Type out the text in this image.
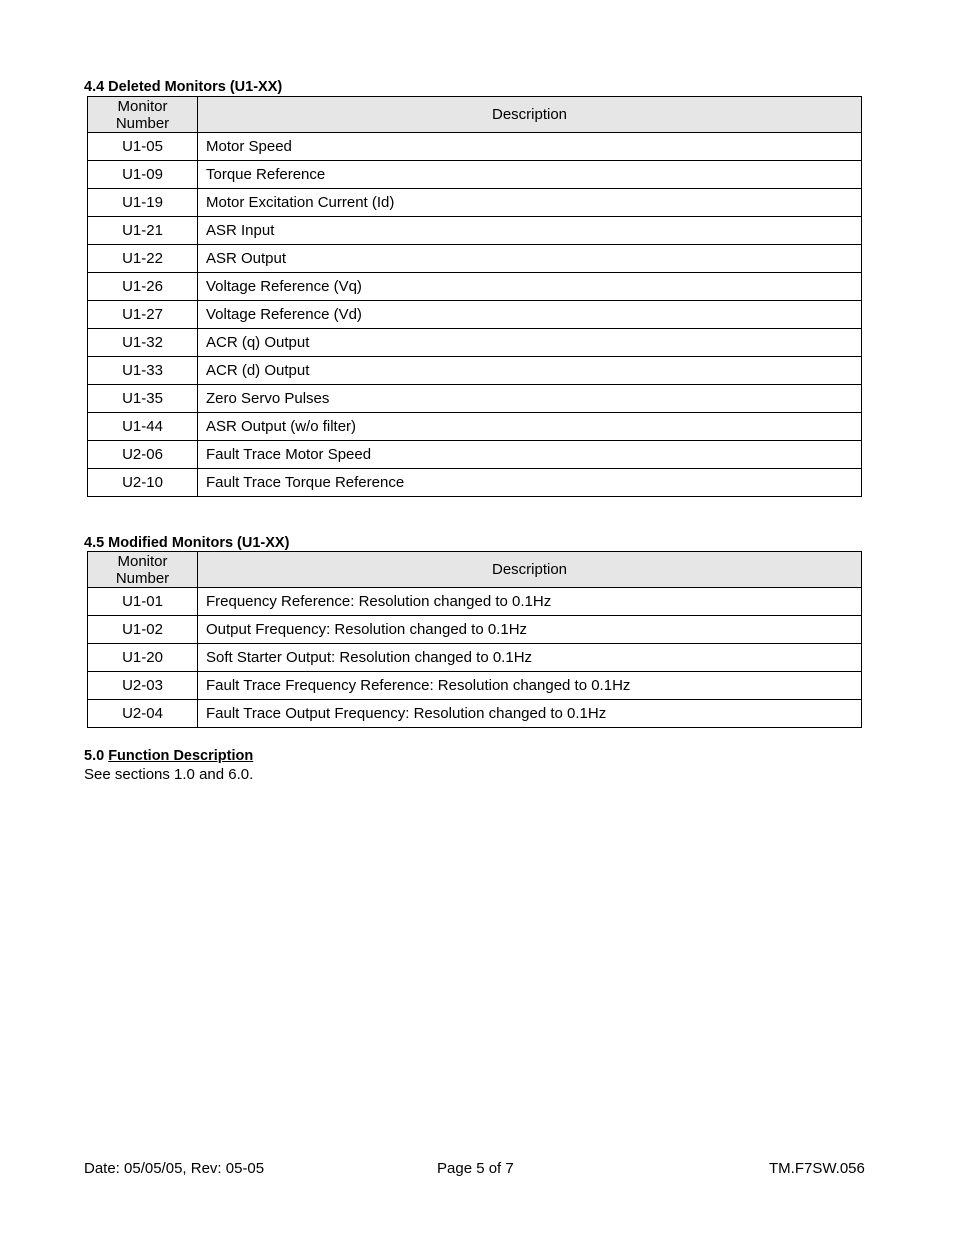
4.4 Deleted Monitors (U1-XX)

Monitor
Number	Description
U1-05	Motor Speed
U1-09	Torque Reference
U1-19	Motor Excitation Current (Id)
U1-21	ASR Input
U1-22	ASR Output
U1-26	Voltage Reference (Vq)
U1-27	Voltage Reference (Vd)
U1-32	ACR (q) Output
U1-33	ACR (d) Output
U1-35	Zero Servo Pulses
U1-44	ASR Output (w/o filter)
U2-06	Fault Trace Motor Speed
U2-10	Fault Trace Torque Reference

4.5 Modified Monitors (U1-XX)

Monitor
Number	Description
U1-01	Frequency Reference: Resolution changed to 0.1Hz
U1-02	Output Frequency: Resolution changed to 0.1Hz
U1-20	Soft Starter Output: Resolution changed to 0.1Hz
U2-03	Fault Trace Frequency Reference: Resolution changed to 0.1Hz
U2-04	Fault Trace Output Frequency: Resolution changed to 0.1Hz

5.0 Function Description

See sections 1.0 and 6.0.

Date: 05/05/05, Rev: 05-05	Page 5 of 7	TM.F7SW.056
